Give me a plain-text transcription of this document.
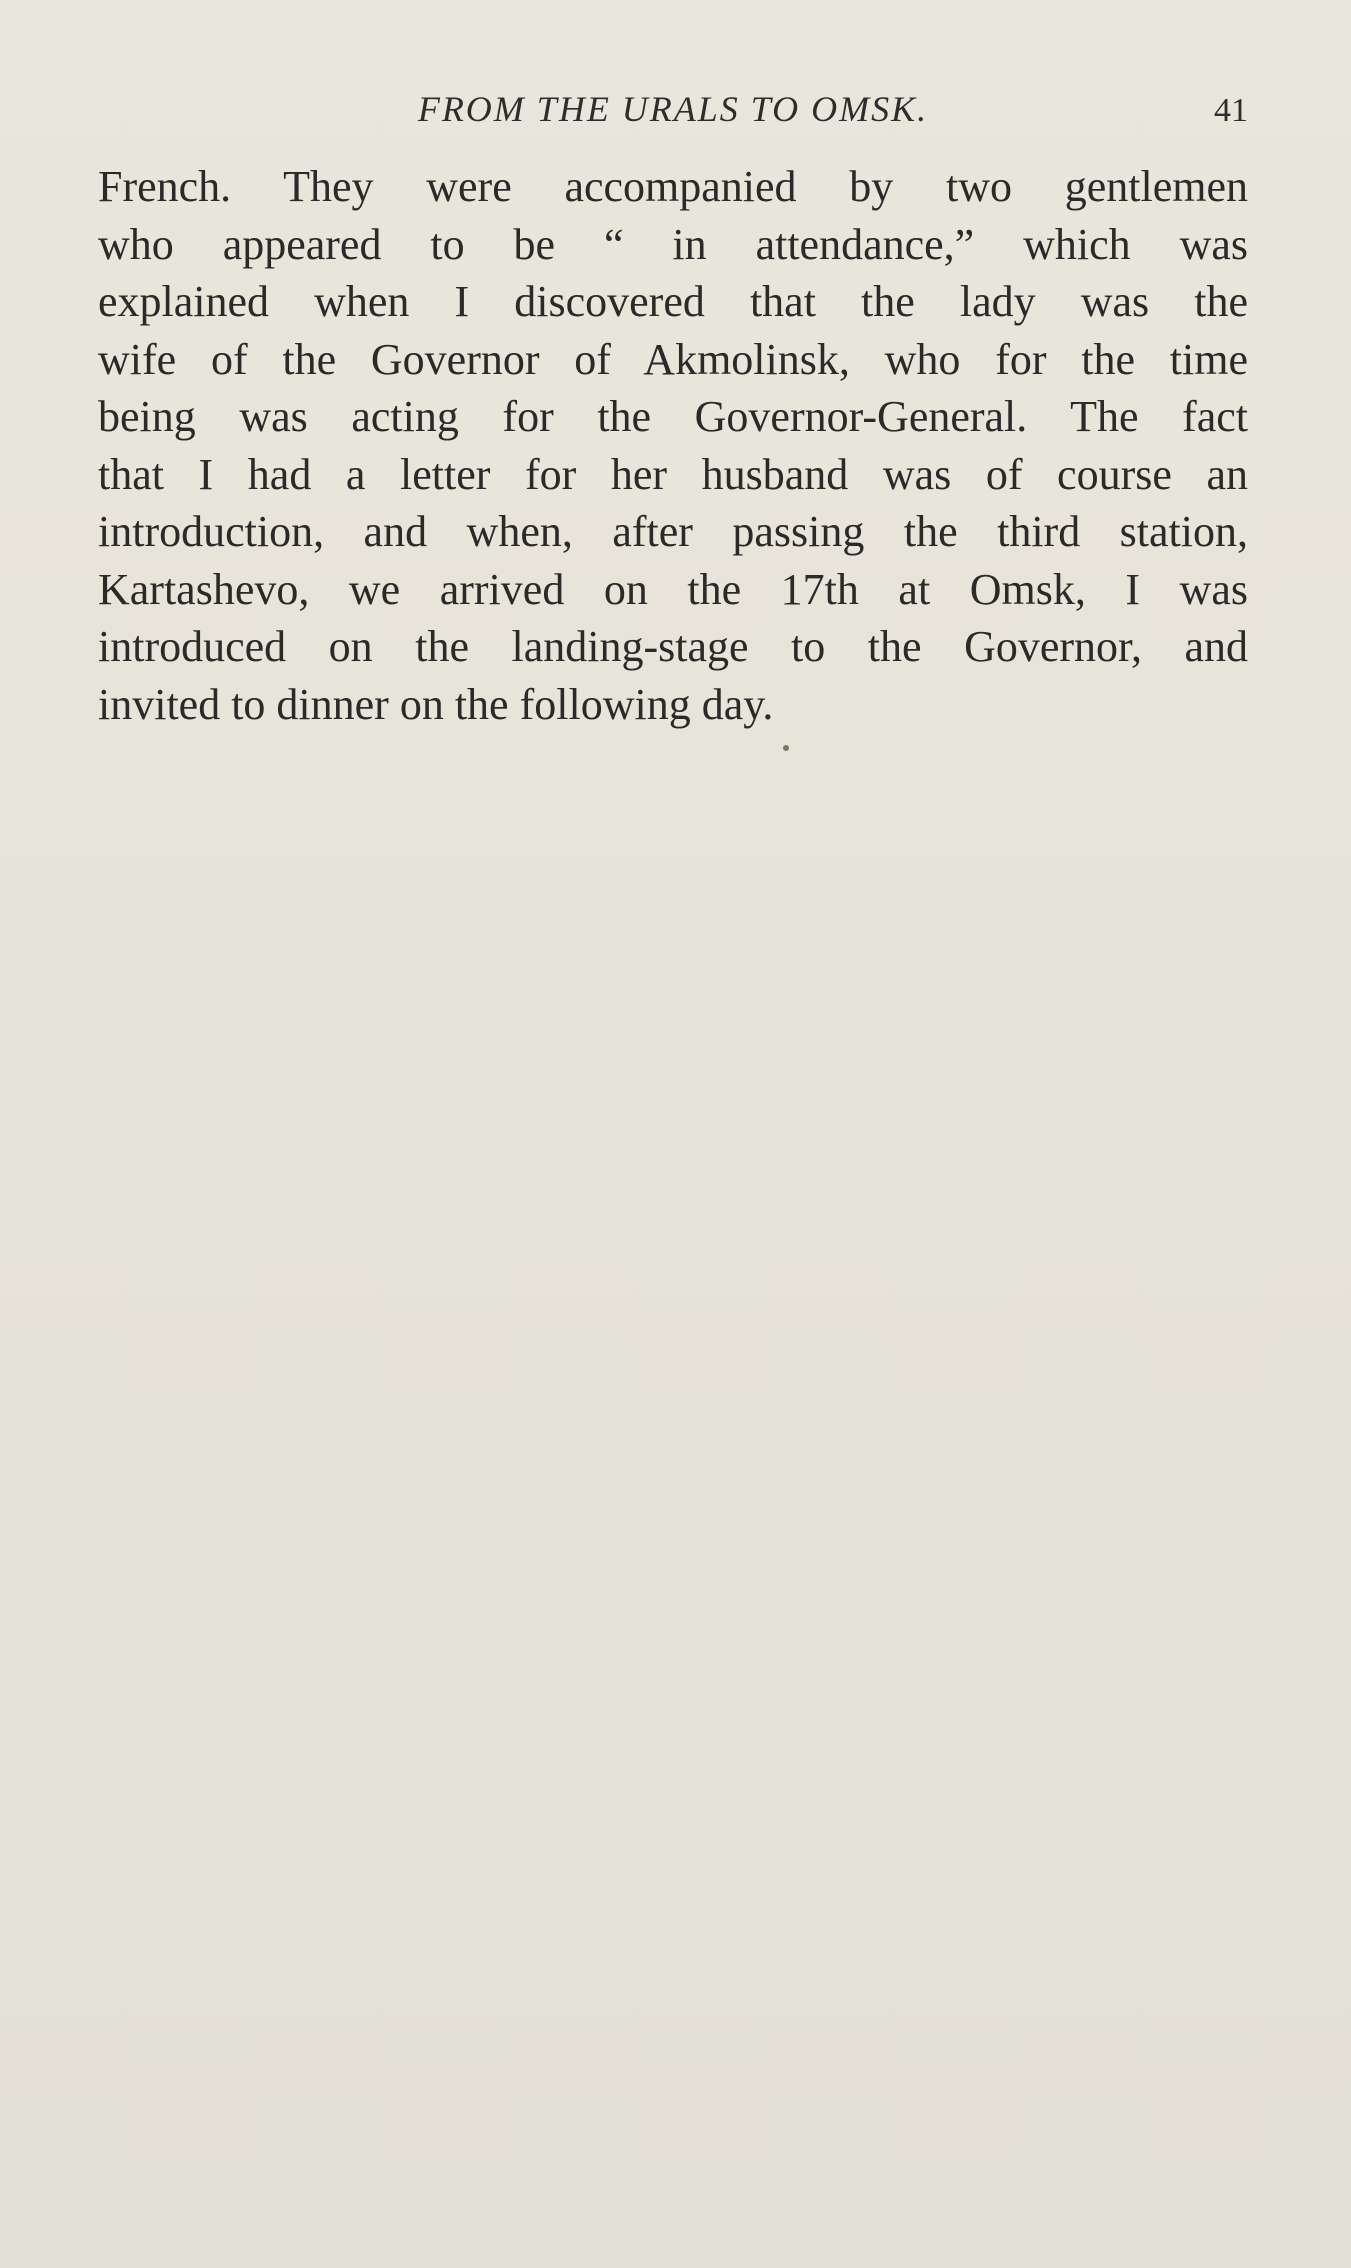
FROM THE URALS TO OMSK.	41
French. They were accompanied by two gentlemen
who appeared to be “ in attendance,” which was
explained when I discovered that the lady was the
wife of the Governor of Akmolinsk, who for the time
being was acting for the Governor-General. The fact
that I had a letter for her husband was of course an
introduction, and when, after passing the third station,
Kartashevo, we arrived on the 17th at Omsk, I was
introduced on the landing-stage to the Governor, and
invited to dinner on the following day.
